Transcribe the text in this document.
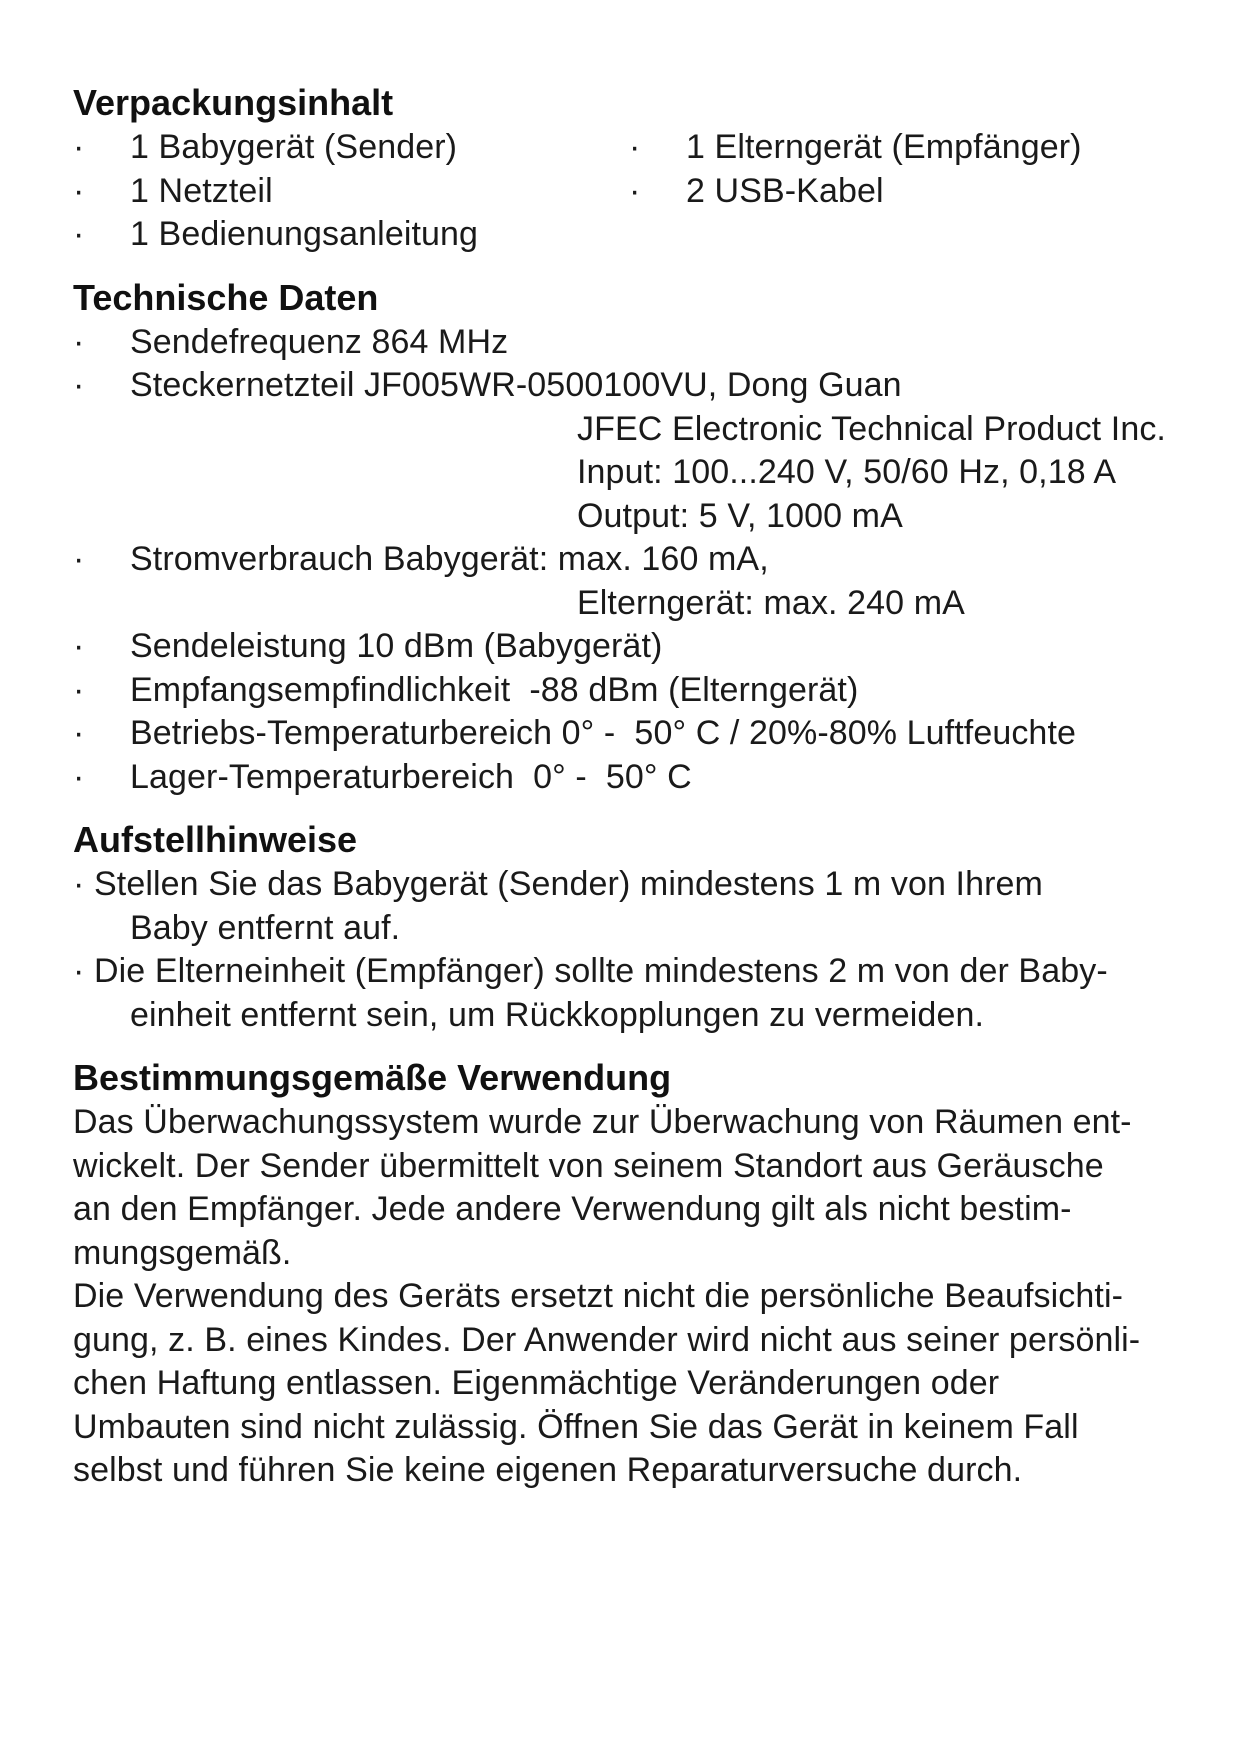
Verpackungsinhalt
· 1 Babygerät (Sender)	· 1 Elterngerät (Empfänger)
· 1 Netzteil	· 2 USB-Kabel
· 1 Bedienungsanleitung
Technische Daten
· Sendefrequenz 864 MHz
· Steckernetzteil JF005WR-0500100VU, Dong Guan
JFEC Electronic Technical Product Inc.
Input: 100...240 V, 50/60 Hz, 0,18 A
Output: 5 V, 1000 mA
· Stromverbrauch Babygerät: max. 160 mA,
Elterngerät: max. 240 mA
· Sendeleistung 10 dBm (Babygerät)
· Empfangsempfindlichkeit  -88 dBm (Elterngerät)
· Betriebs-Temperaturbereich 0° -  50° C / 20%-80% Luftfeuchte
· Lager-Temperaturbereich  0° -  50° C
Aufstellhinweise
· Stellen Sie das Babygerät (Sender) mindestens 1 m von Ihrem
Baby entfernt auf.
· Die Elterneinheit (Empfänger) sollte mindestens 2 m von der Baby-
einheit entfernt sein, um Rückkopplungen zu vermeiden.
Bestimmungsgemäße Verwendung
Das Überwachungssystem wurde zur Überwachung von Räumen ent-
wickelt. Der Sender übermittelt von seinem Standort aus Geräusche
an den Empfänger. Jede andere Verwendung gilt als nicht bestim-
mungsgemäß.
Die Verwendung des Geräts ersetzt nicht die persönliche Beaufsichti-
gung, z. B. eines Kindes. Der Anwender wird nicht aus seiner persönli-
chen Haftung entlassen. Eigenmächtige Veränderungen oder
Umbauten sind nicht zulässig. Öffnen Sie das Gerät in keinem Fall
selbst und führen Sie keine eigenen Reparaturversuche durch.
